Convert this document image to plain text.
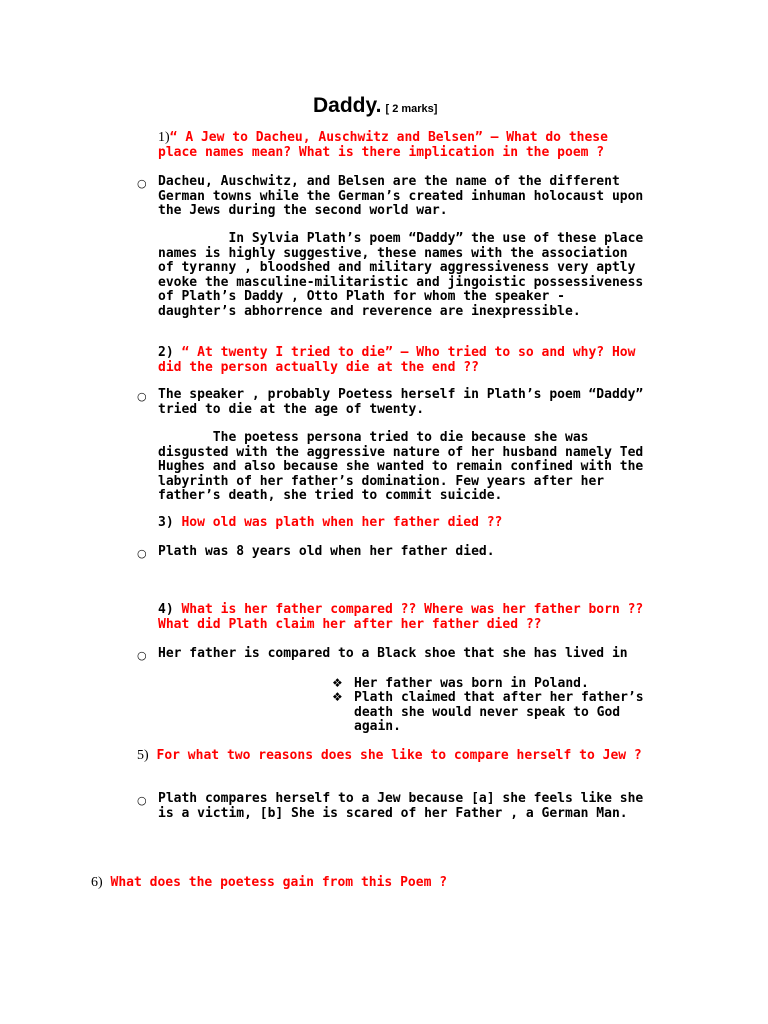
Daddy. [ 2 marks]
1)“ A Jew to Dacheu, Auschwitz and Belsen” – What do these
place names mean? What is there implication in the poem ?
○ Dacheu, Auschwitz, and Belsen are the name of the different
German towns while the German’s created inhuman holocaust upon
the Jews during the second world war.
In Sylvia Plath’s poem “Daddy” the use of these place
names is highly suggestive, these names with the association
of tyranny , bloodshed and military aggressiveness very aptly
evoke the masculine-militaristic and jingoistic possessiveness
of Plath’s Daddy , Otto Plath for whom the speaker -
daughter’s abhorrence and reverence are inexpressible.
2) “ At twenty I tried to die” – Who tried to so and why? How
did the person actually die at the end ??
○ The speaker , probably Poetess herself in Plath’s poem “Daddy”
tried to die at the age of twenty.
The poetess persona tried to die because she was
disgusted with the aggressive nature of her husband namely Ted
Hughes and also because she wanted to remain confined with the
labyrinth of her father’s domination. Few years after her
father’s death, she tried to commit suicide.
3) How old was plath when her father died ??
○ Plath was 8 years old when her father died.
4) What is her father compared ?? Where was her father born ??
What did Plath claim her after her father died ??
○ Her father is compared to a Black shoe that she has lived in
❖ Her father was born in Poland.
❖ Plath claimed that after her father’s
death she would never speak to God
again.
5) For what two reasons does she like to compare herself to Jew ?
○ Plath compares herself to a Jew because [a] she feels like she
is a victim, [b] She is scared of her Father , a German Man.
6) What does the poetess gain from this Poem ?
